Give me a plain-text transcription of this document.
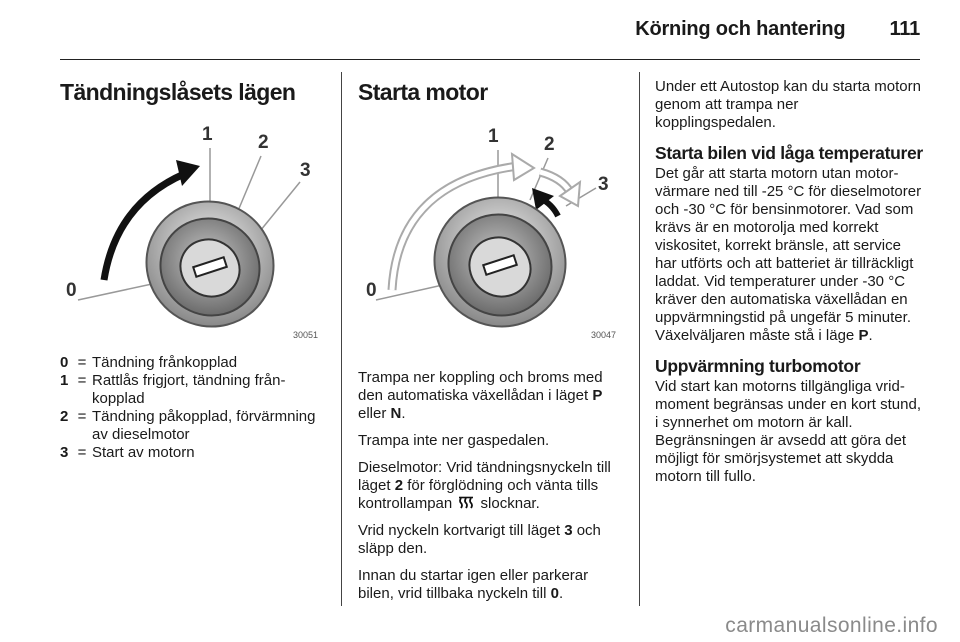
Körning och hantering 111
Tändningslåsets lägen
0
1 2
3
30051
0 = Tändning frånkopplad
1 = Rattlås frigjort, tändning frånkopplad
2 = Tändning påkopplad, förvärmning av dieselmotor
3 = Start av motorn
Starta motor
0
1 2
3
30047

Trampa ner koppling och broms med den automatiska växellådan i läget P eller N.

Trampa inte ner gaspedalen.

Dieselmotor: Vrid tändningsnyckeln till läget 2 för förglödning och vänta tills kontrollampan  slocknar.

Vrid nyckeln kortvarigt till läget 3 och släpp den.

Innan du startar igen eller parkerar bilen, vrid tillbaka nyckeln till 0.

Under ett Autostop kan du starta motorn genom att trampa ner kopplingspedalen.

Starta bilen vid låga temperaturer

Det går att starta motorn utan motorvärmare ned till -25 °C för dieselmotorer och -30 °C för bensinmotorer. Vad som krävs är en motorolja med korrekt viskositet, korrekt bränsle, att service har utförts och att batteriet är tillräckligt laddat. Vid temperaturer under -30 °C kräver den automatiska växellådan en uppvärmningstid på ungefär 5 minuter. Växelväljaren måste stå i läge P.

Uppvärmning turbomotor

Vid start kan motorns tillgängliga vridmoment begränsas under en kort stund, i synnerhet om motorn är kall. Begränsningen är avsedd att göra det möjligt för smörjsystemet att skydda motorn till fullo.

carmanualsonline.info
